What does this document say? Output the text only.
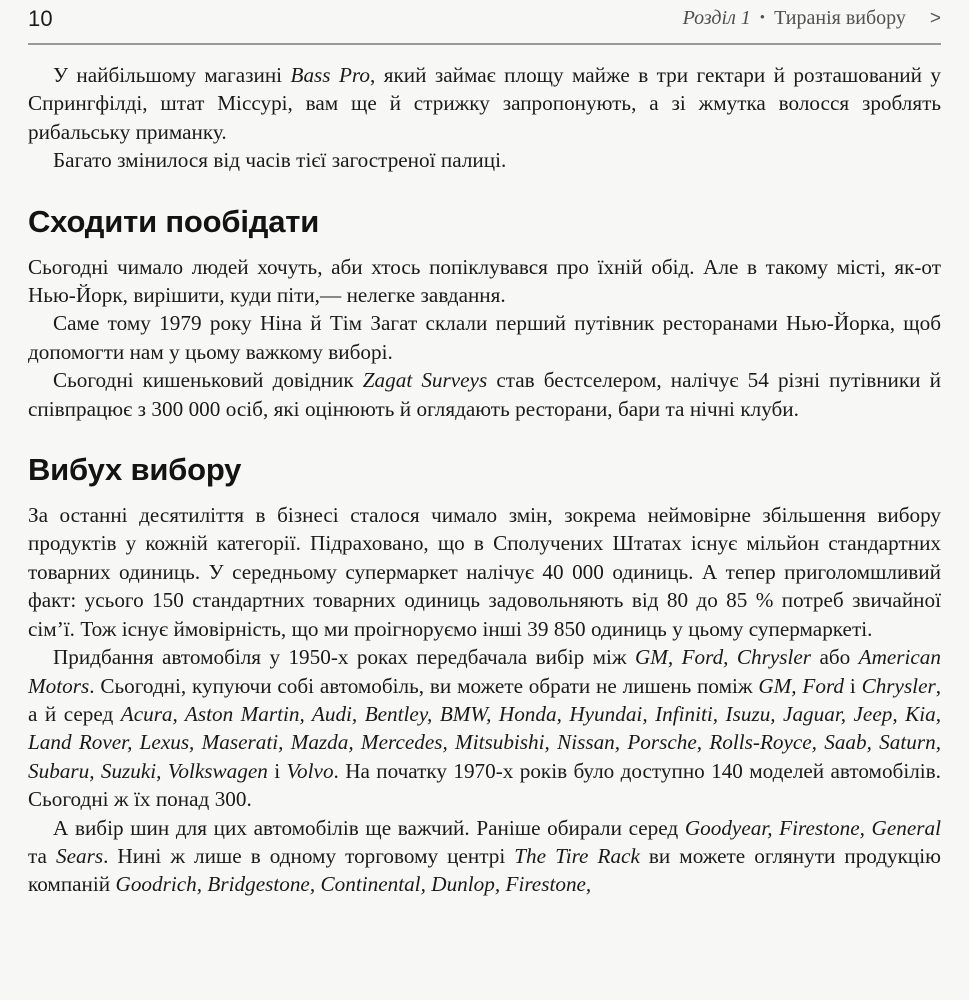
10	Розділ 1 • Тиранія вибору >

У найбільшому магазині Bass Pro, який займає площу майже в три гектари й розташований у Спрингфілді, штат Міссурі, вам ще й стрижку запропонують, а зі жмутка волосся зроблять рибальську приманку.

Багато змінилося від часів тієї загостреної палиці.

Сходити пообідати

Сьогодні чимало людей хочуть, аби хтось попіклувався про їхній обід. Але в такому місті, як-от Нью-Йорк, вирішити, куди піти,— нелегке завдання.

Саме тому 1979 року Ніна й Тім Загат склали перший путівник ресторанами Нью-Йорка, щоб допомогти нам у цьому важкому виборі.

Сьогодні кишеньковий довідник Zagat Surveys став бестселером, налічує 54 різні путівники й співпрацює з 300 000 осіб, які оцінюють й оглядають ресторани, бари та нічні клуби.

Вибух вибору

За останні десятиліття в бізнесі сталося чимало змін, зокрема неймовірне збільшення вибору продуктів у кожній категорії. Підраховано, що в Сполучених Штатах існує мільйон стандартних товарних одиниць. У середньому супермаркет налічує 40 000 одиниць. А тепер приголомшливий факт: усього 150 стандартних товарних одиниць задовольняють від 80 до 85 % потреб звичайної сім’ї. Тож існує ймовірність, що ми проігноруємо інші 39 850 одиниць у цьому супермаркеті.

Придбання автомобіля у 1950-х роках передбачала вибір між GM, Ford, Chrysler або American Motors. Сьогодні, купуючи собі автомобіль, ви можете обрати не лишень поміж GM, Ford і Chrysler, а й серед Acura, Aston Martin, Audi, Bentley, BMW, Honda, Hyundai, Infiniti, Isuzu, Jaguar, Jeep, Kia, Land Rover, Lexus, Maserati, Mazda, Mercedes, Mitsubishi, Nissan, Porsche, Rolls-Royce, Saab, Saturn, Subaru, Suzuki, Volkswagen і Volvo. На початку 1970-х років було доступно 140 моделей автомобілів. Сьогодні ж їх понад 300.

А вибір шин для цих автомобілів ще важчий. Раніше обирали серед Goodyear, Firestone, General та Sears. Нині ж лише в одному торговому центрі The Tire Rack ви можете оглянути продукцію компаній Goodrich, Bridgestone, Continental, Dunlop, Firestone,
